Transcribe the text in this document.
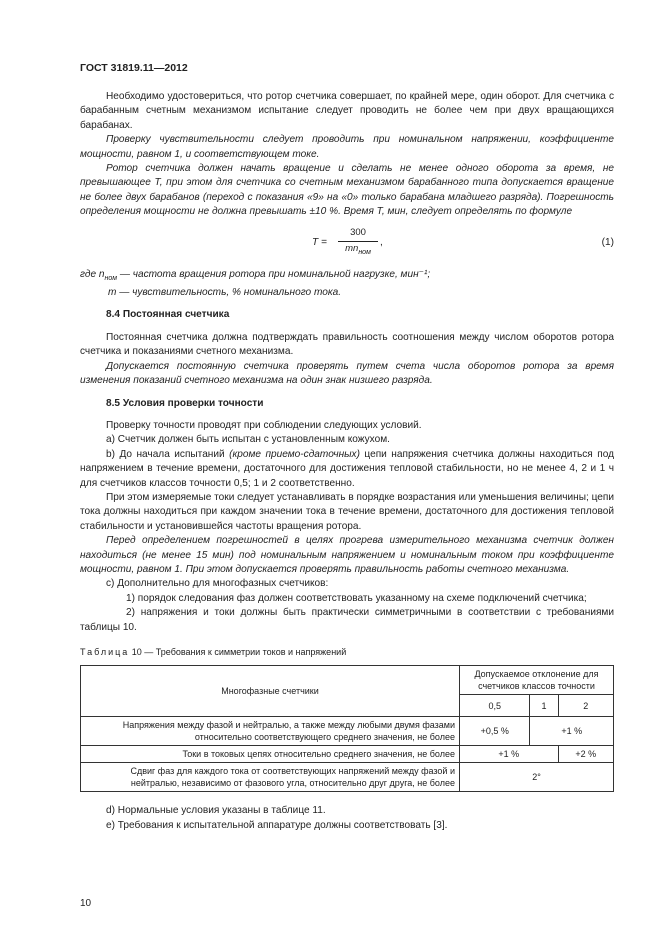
ГОСТ 31819.11—2012

Необходимо удостовериться, что ротор счетчика совершает, по крайней мере, один оборот. Для счетчика с барабанным счетным механизмом испытание следует проводить не более чем при двух вращающихся барабанах.

Проверку чувствительности следует проводить при номинальном напряжении, коэффициенте мощности, равном 1, и соответствующем токе.

Ротор счетчика должен начать вращение и сделать не менее одного оборота за время, не превышающее T, при этом для счетчика со счетным механизмом барабанного типа допускается вращение не более двух барабанов (переход с показания «9» на «0» только барабана младшего разряда). Погрешность определения мощности не должна превышать ±10 %. Время T, мин, следует определять по формуле

T =
300
$mn_{ном}$
,	(1)

где $n_{ном}$ — частота вращения ротора при номинальной нагрузке, мин⁻¹;

m — чувствительность, % номинального тока.

8.4 Постоянная счетчика

Постоянная счетчика должна подтверждать правильность соотношения между числом оборотов ротора счетчика и показаниями счетного механизма.

Допускается постоянную счетчика проверять путем счета числа оборотов ротора за время изменения показаний счетного механизма на один знак низшего разряда.

8.5 Условия проверки точности

Проверку точности проводят при соблюдении следующих условий.

а) Счетчик должен быть испытан с установленным кожухом.

b) До начала испытаний (кроме приемо-сдаточных) цепи напряжения счетчика должны находиться под напряжением в течение времени, достаточного для достижения тепловой стабильности, но не менее 4, 2 и 1 ч для счетчиков классов точности 0,5; 1 и 2 соответственно.

При этом измеряемые токи следует устанавливать в порядке возрастания или уменьшения величины; цепи тока должны находиться при каждом значении тока в течение времени, достаточного для достижения тепловой стабильности и установившейся частоты вращения ротора.

Перед определением погрешностей в целях прогрева измерительного механизма счетчик должен находиться (не менее 15 мин) под номинальным напряжением и номинальным током при коэффициенте мощности, равном 1. При этом допускается проверять правильность работы счетного механизма.

c) Дополнительно для многофазных счетчиков:

1) порядок следования фаз должен соответствовать указанному на схеме подключений счетчика;

2) напряжения и токи должны быть практически симметричными в соответствии с требованиями таблицы 10.

Таблица 10 — Требования к симметрии токов и напряжений

Многофазные счетчики	Допускаемое отклонение для счетчиков классов точности		
	0,5	1	2
Напряжения между фазой и нейтралью, а также между любыми двумя фазами относительно соответствующего среднего значения, не более	+0,5 %	+1 %	
Токи в токовых цепях относительно среднего значения, не более	+1 %		+2 %
Сдвиг фаз для каждого тока от соответствующих напряжений между фазой и нейтралью, независимо от фазового угла, относительно друг друга, не более	2°		

d) Нормальные условия указаны в таблице 11.

e) Требования к испытательной аппаратуре должны соответствовать [3].

10
